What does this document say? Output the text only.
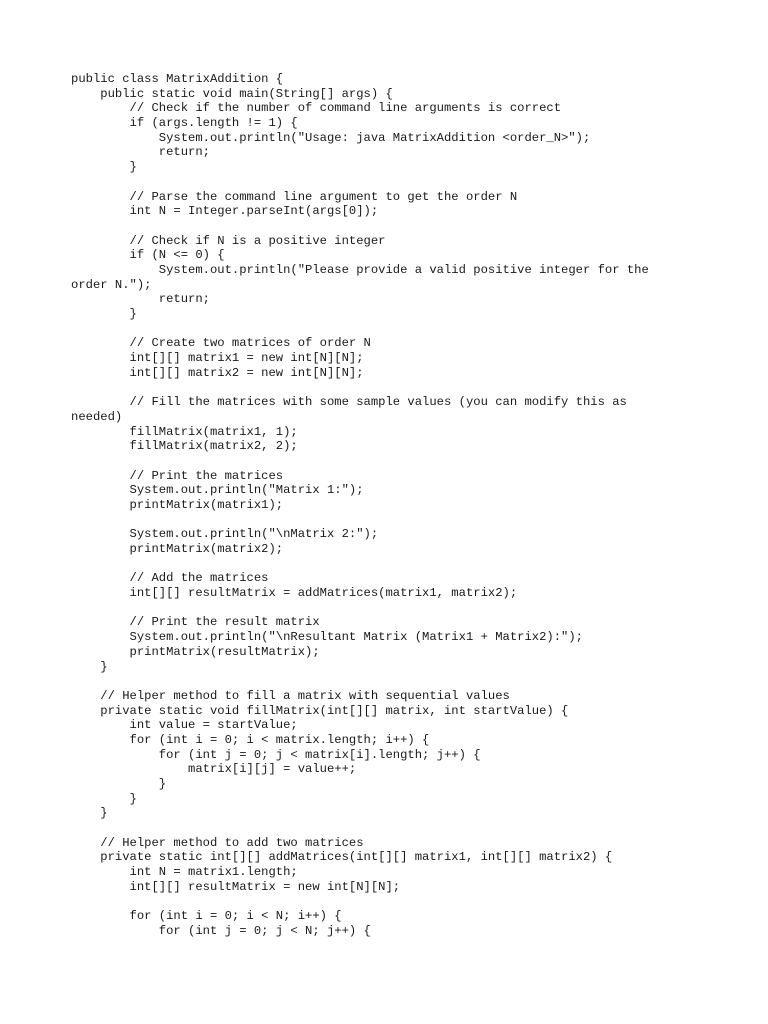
public class MatrixAddition {
public static void main(String[] args) {
// Check if the number of command line arguments is correct
if (args.length != 1) {
System.out.println("Usage: java MatrixAddition <order_N>");
return;
}
// Parse the command line argument to get the order N
int N = Integer.parseInt(args[0]);
// Check if N is a positive integer
if (N <= 0) {
System.out.println("Please provide a valid positive integer for the
order N.");
return;
}
// Create two matrices of order N
int[][] matrix1 = new int[N][N];
int[][] matrix2 = new int[N][N];
// Fill the matrices with some sample values (you can modify this as
needed)
fillMatrix(matrix1, 1);
fillMatrix(matrix2, 2);
// Print the matrices
System.out.println("Matrix 1:");
printMatrix(matrix1);
System.out.println("\nMatrix 2:");
printMatrix(matrix2);
// Add the matrices
int[][] resultMatrix = addMatrices(matrix1, matrix2);
// Print the result matrix
System.out.println("\nResultant Matrix (Matrix1 + Matrix2):");
printMatrix(resultMatrix);
}
// Helper method to fill a matrix with sequential values
private static void fillMatrix(int[][] matrix, int startValue) {
int value = startValue;
for (int i = 0; i < matrix.length; i++) {
for (int j = 0; j < matrix[i].length; j++) {
matrix[i][j] = value++;
}
}
}
// Helper method to add two matrices
private static int[][] addMatrices(int[][] matrix1, int[][] matrix2) {
int N = matrix1.length;
int[][] resultMatrix = new int[N][N];
for (int i = 0; i < N; i++) {
for (int j = 0; j < N; j++) {
